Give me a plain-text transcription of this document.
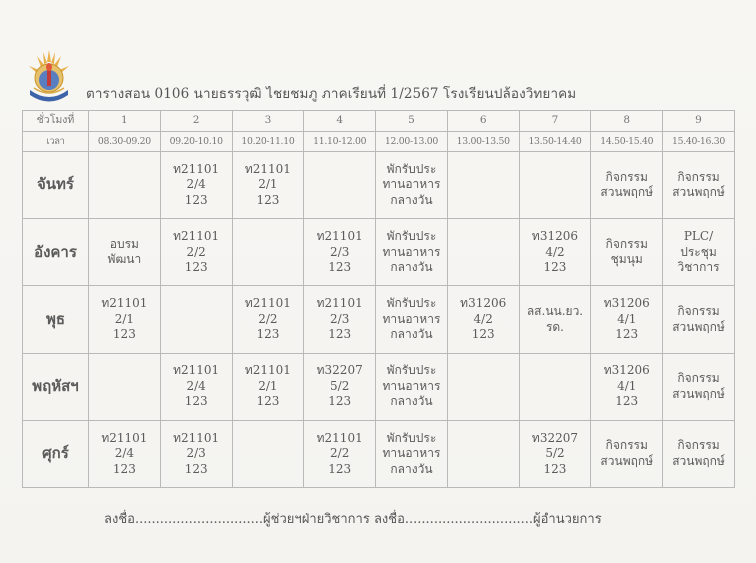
ตารางสอน 0106 นายธรรวุฒิ ไชยชมภู ภาคเรียนที่ 1/2567 โรงเรียนปล้องวิทยาคม
ชั่วโมงที่	1	2	3	4	5	6	7	8	9
เวลา	08.30-09.20	09.20-10.10	10.20-11.10	11.10-12.00	12.00-13.00	13.00-13.50	13.50-14.40	14.50-15.40	15.40-16.30
จันทร์		ท21101
2/4
123	ท21101
2/1
123		พักรับประ
ทานอาหาร
กลางวัน			กิจกรรม
สวนพฤกษ์	กิจกรรม
สวนพฤกษ์

อังคาร	อบรม
พัฒนา	ท21101
2/2
123		ท21101
2/3
123	พักรับประ
ทานอาหาร
กลางวัน		ท31206
4/2
123	กิจกรรม
ชุมนุม	PLC/
ประชุม
วิชาการ

พุธ	ท21101
2/1
123		ท21101
2/2
123	ท21101
2/3
123	พักรับประ
ทานอาหาร
กลางวัน	ท31206
4/2
123	ลส.นน.ยว.
รด.	ท31206
4/1
123	กิจกรรม
สวนพฤกษ์

พฤหัสฯ		ท21101
2/4
123	ท21101
2/1
123	ท32207
5/2
123	พักรับประ
ทานอาหาร
กลางวัน			ท31206
4/1
123	กิจกรรม
สวนพฤกษ์

ศุกร์	ท21101
2/4
123	ท21101
2/3
123		ท21101
2/2
123	พักรับประ
ทานอาหาร
กลางวัน		ท32207
5/2
123	กิจกรรม
สวนพฤกษ์	กิจกรรม
สวนพฤกษ์
ลงชื่อ...............................ผู้ช่วยฯฝ่ายวิชาการ ลงชื่อ...............................ผู้อำนวยการ
